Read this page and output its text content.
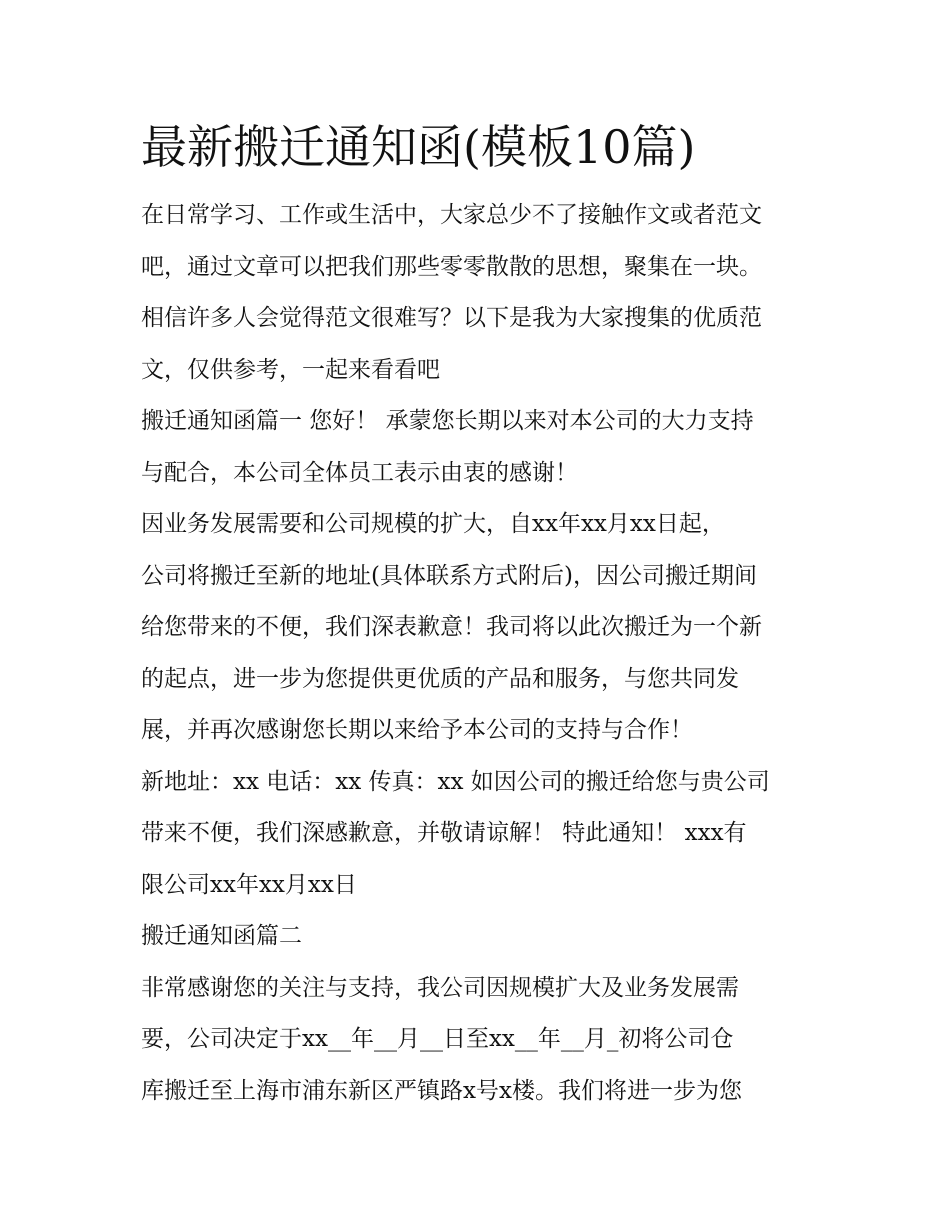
最新搬迁通知函(模板10篇)
在日常学习、工作或生活中，大家总少不了接触作文或者范文
吧，通过文章可以把我们那些零零散散的思想，聚集在一块。
相信许多人会觉得范文很难写？以下是我为大家搜集的优质范
文，仅供参考，一起来看看吧
搬迁通知函篇一 您好！ 承蒙您长期以来对本公司的大力支持
与配合，本公司全体员工表示由衷的感谢！
因业务发展需要和公司规模的扩大，自xx年xx月xx日起，
公司将搬迁至新的地址(具体联系方式附后)，因公司搬迁期间
给您带来的不便，我们深表歉意！我司将以此次搬迁为一个新
的起点，进一步为您提供更优质的产品和服务，与您共同发
展，并再次感谢您长期以来给予本公司的支持与合作！
新地址：xx 电话：xx 传真：xx 如因公司的搬迁给您与贵公司
带来不便，我们深感歉意，并敬请谅解！ 特此通知！ xxx有
限公司xx年xx月xx日
搬迁通知函篇二
非常感谢您的关注与支持，我公司因规模扩大及业务发展需
要，公司决定于xx__年__月__日至xx__年__月_初将公司仓
库搬迁至上海市浦东新区严镇路x号x楼。我们将进一步为您
